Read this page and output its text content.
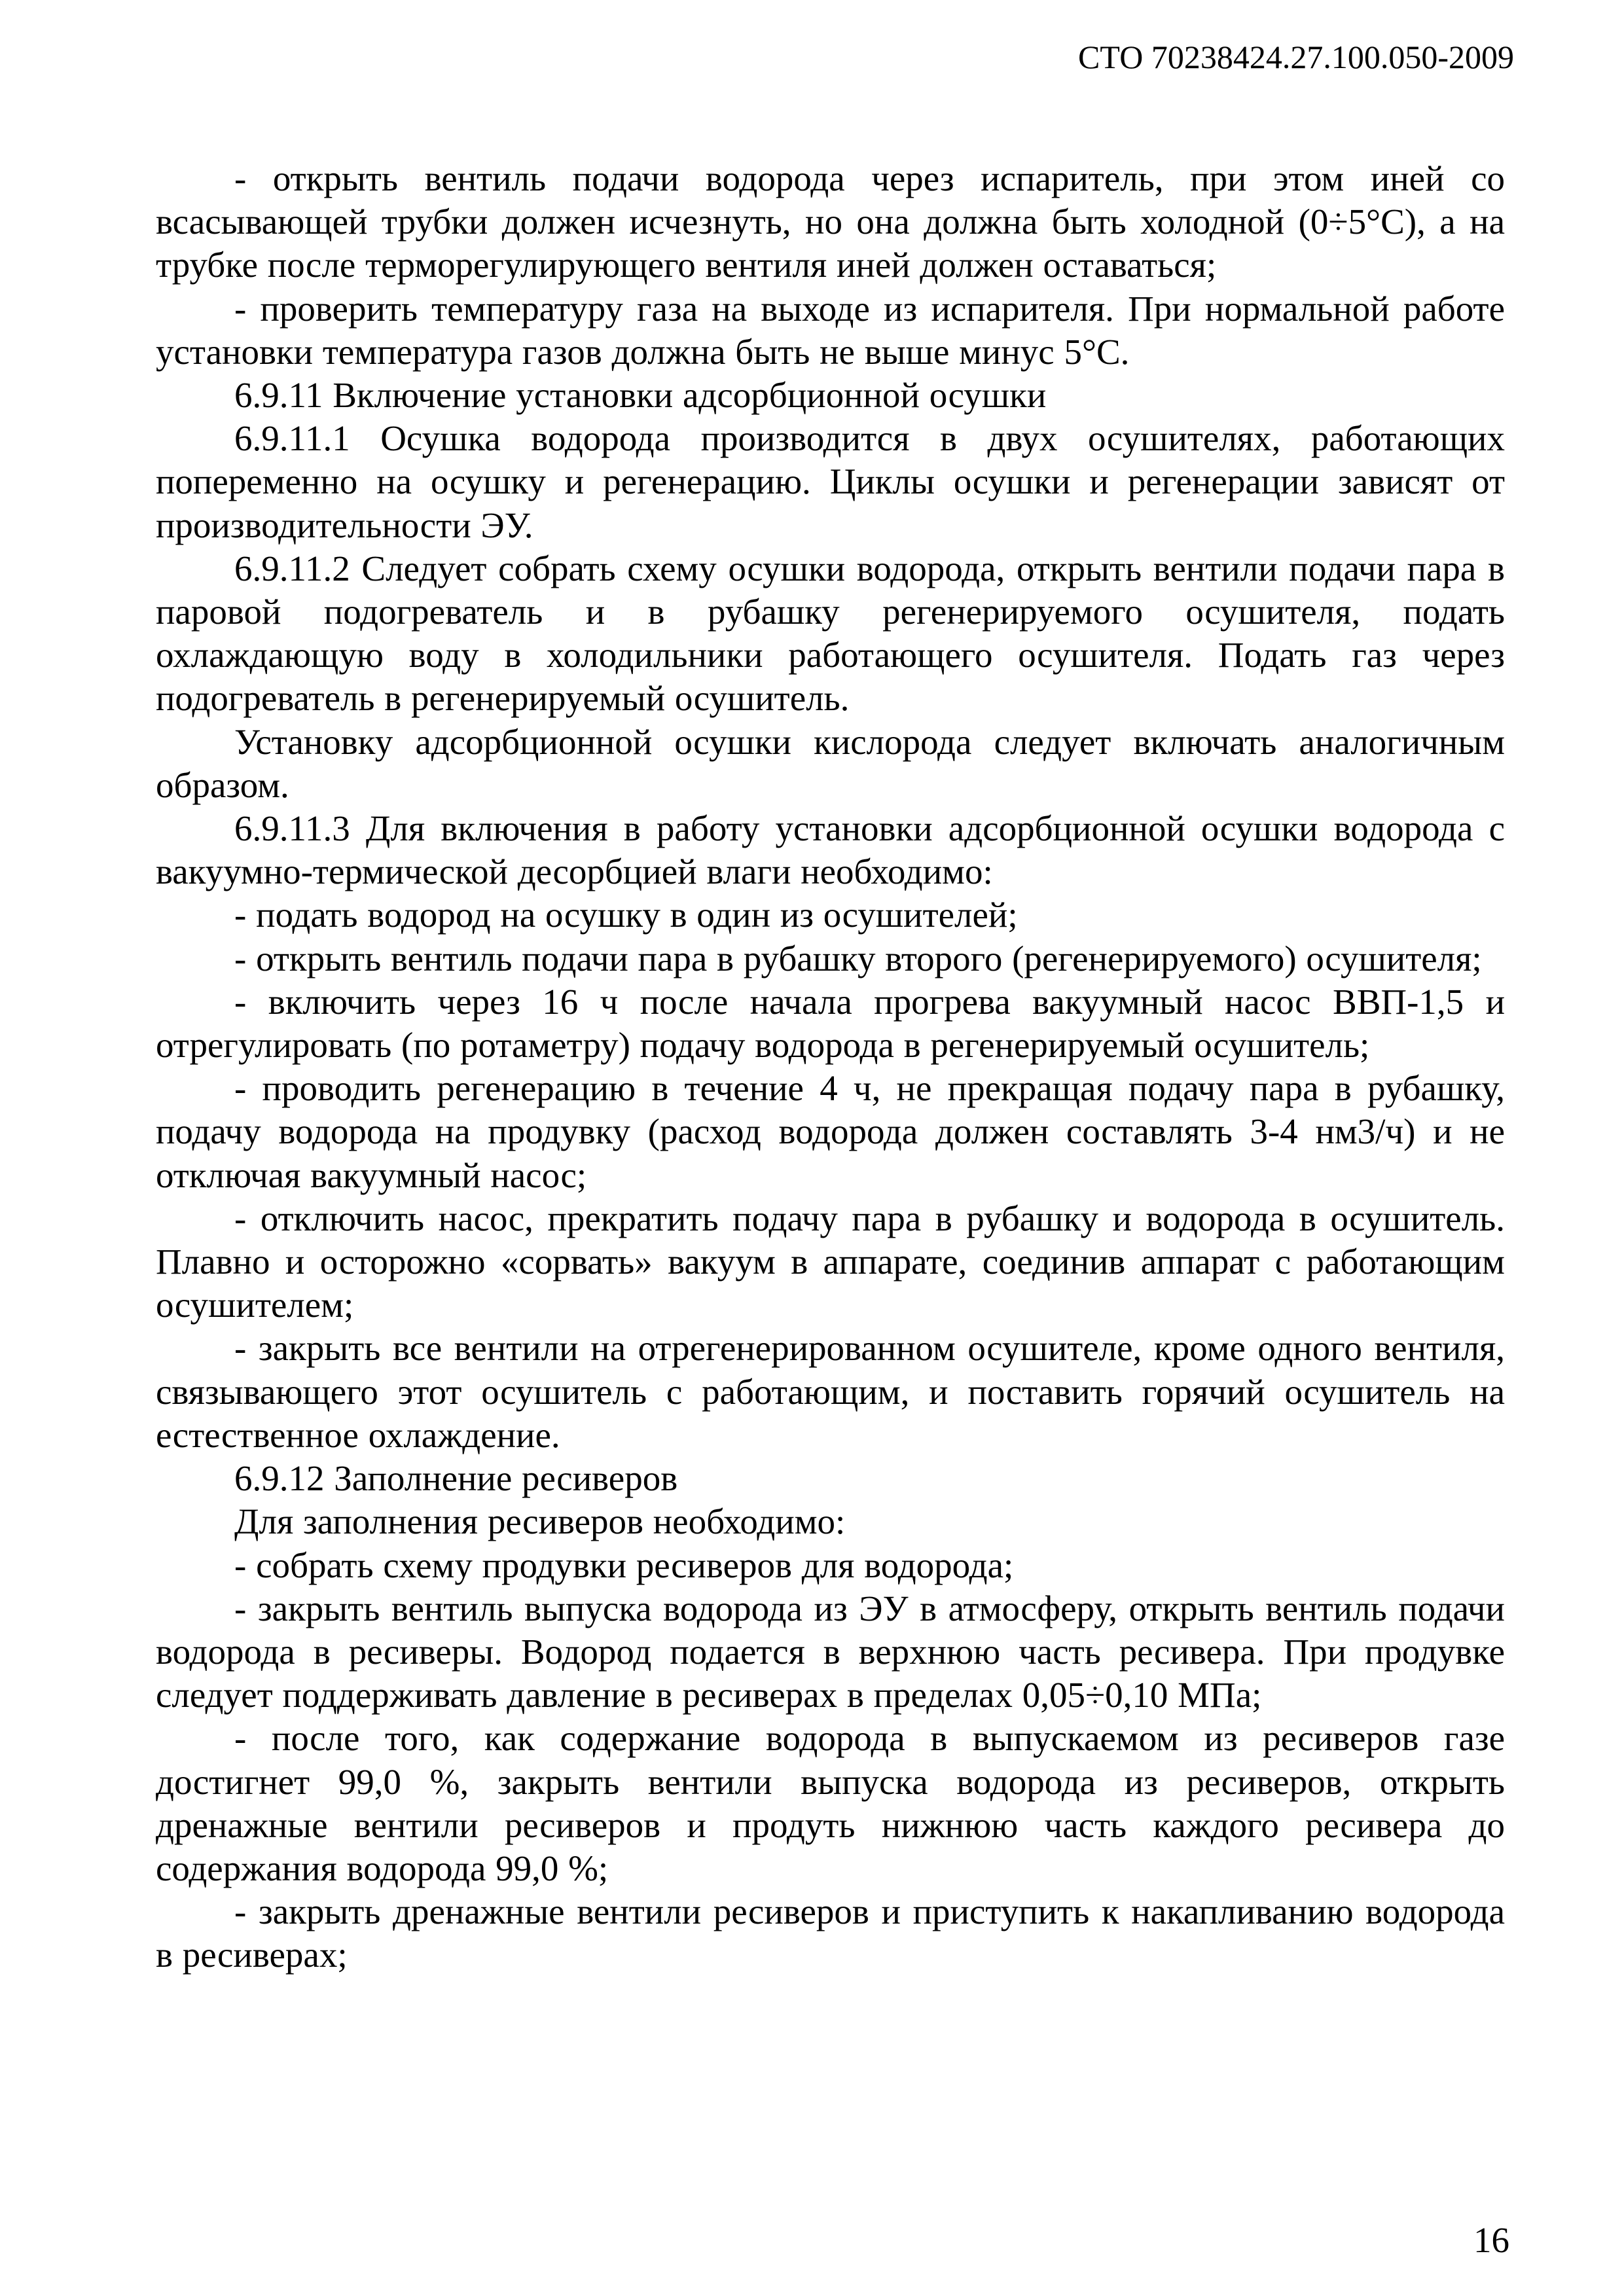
СТО 70238424.27.100.050-2009

- открыть вентиль подачи водорода через испаритель, при этом иней со всасывающей трубки должен исчезнуть, но она должна быть холодной (0÷5°С), а на трубке после терморегулирующего вентиля иней должен оставаться;

- проверить температуру газа на выходе из испарителя. При нормальной работе установки температура газов должна быть не выше минус 5°С.

6.9.11 Включение установки адсорбционной осушки

6.9.11.1 Осушка водорода производится в двух осушителях, работающих попеременно на осушку и регенерацию. Циклы осушки и регенерации зависят от производительности ЭУ.

6.9.11.2 Следует собрать схему осушки водорода, открыть вентили подачи пара в паровой подогреватель и в рубашку регенерируемого осушителя, подать охлаждающую воду в холодильники работающего осушителя. Подать газ через подогреватель в регенерируемый осушитель.

Установку адсорбционной осушки кислорода следует включать аналогичным образом.

6.9.11.3 Для включения в работу установки адсорбционной осушки водорода с вакуумно-термической десорбцией влаги необходимо:

- подать водород на осушку в один из осушителей;

- открыть вентиль подачи пара в рубашку второго (регенерируемого) осушителя;

- включить через 16 ч после начала прогрева вакуумный насос ВВП-1,5 и отрегулировать (по ротаметру) подачу водорода в регенерируемый осушитель;

- проводить регенерацию в течение 4 ч, не прекращая подачу пара в рубашку, подачу водорода на продувку (расход водорода должен составлять 3-4 нм3/ч) и не отключая вакуумный насос;

- отключить насос, прекратить подачу пара в рубашку и водорода в осушитель. Плавно и осторожно «сорвать» вакуум в аппарате, соединив аппарат с работающим осушителем;

- закрыть все вентили на отрегенерированном осушителе, кроме одного вентиля, связывающего этот осушитель с работающим, и поставить горячий осушитель на естественное охлаждение.

6.9.12 Заполнение ресиверов

Для заполнения ресиверов необходимо:

- собрать схему продувки ресиверов для водорода;

- закрыть вентиль выпуска водорода из ЭУ в атмосферу, открыть вентиль подачи водорода в ресиверы. Водород подается в верхнюю часть ресивера. При продувке следует поддерживать давление в ресиверах в пределах 0,05÷0,10 МПа;

- после того, как содержание водорода в выпускаемом из ресиверов газе достигнет 99,0 %, закрыть вентили выпуска водорода из ресиверов, открыть дренажные вентили ресиверов и продуть нижнюю часть каждого ресивера до содержания водорода 99,0 %;

- закрыть дренажные вентили ресиверов и приступить к накапливанию водорода в ресиверах;

16
